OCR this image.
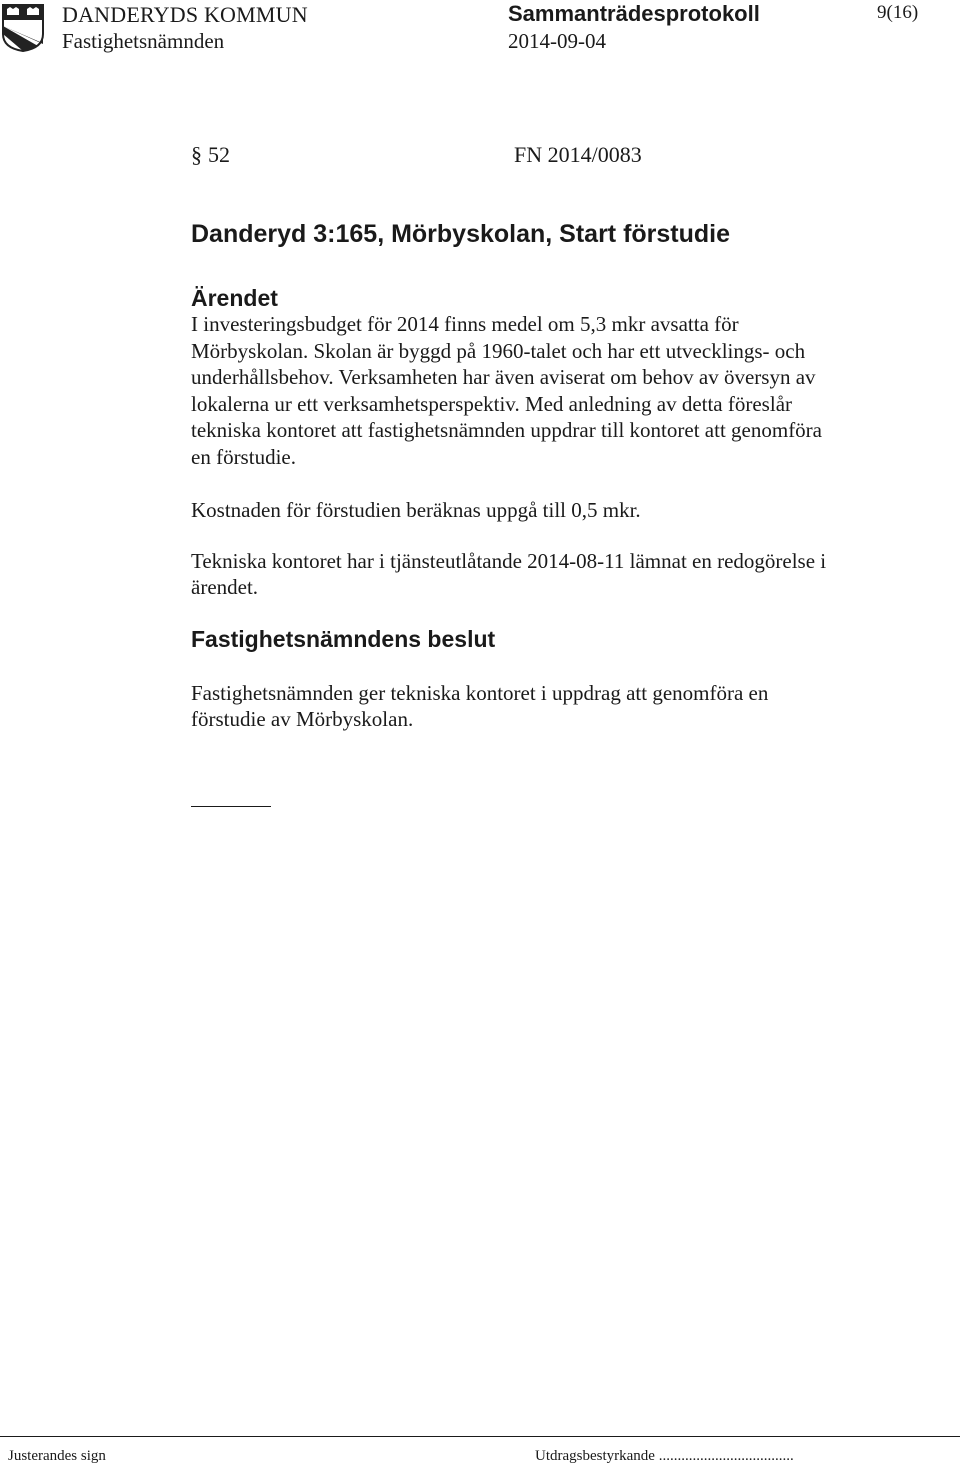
DANDERYDS KOMMUN
Fastighetsnämnden
Sammanträdesprotokoll
2014-09-04
9(16)
§ 52	FN 2014/0083
Danderyd 3:165, Mörbyskolan, Start förstudie
Ärendet
I investeringsbudget för 2014 finns medel om 5,3 mkr avsatta för
Mörbyskolan. Skolan är byggd på 1960-talet och har ett utvecklings- och
underhållsbehov. Verksamheten har även aviserat om behov av översyn av
lokalerna ur ett verksamhetsperspektiv. Med anledning av detta föreslår
tekniska kontoret att fastighetsnämnden uppdrar till kontoret att genomföra
en förstudie.
Kostnaden för förstudien beräknas uppgå till 0,5 mkr.
Tekniska kontoret har i tjänsteutlåtande 2014-08-11 lämnat en redogörelse i
ärendet.
Fastighetsnämndens beslut
Fastighetsnämnden ger tekniska kontoret i uppdrag att genomföra en
förstudie av Mörbyskolan.
Justerandes sign	Utdragsbestyrkande ....................................
